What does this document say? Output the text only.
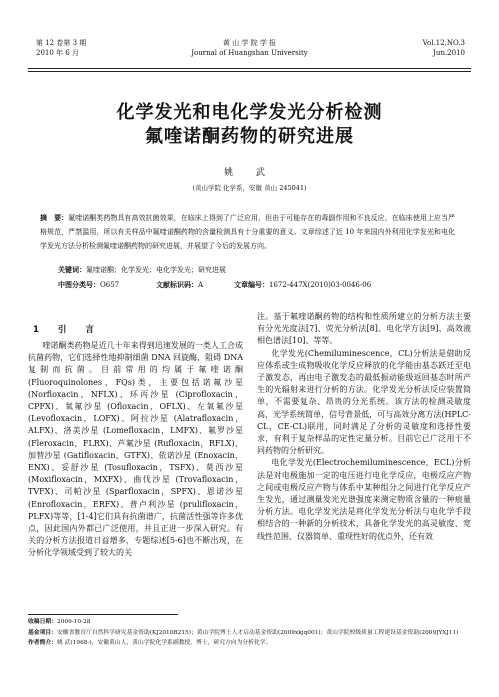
第 12 卷第 3 期
2010 年 6 月
黄 山 学 院 学 报
Journal of Huangshan University
Vol.12,NO.3
Jun.2010
化学发光和电化学发光分析检测
氟喹诺酮药物的研究进展
姚 武
(黄山学院 化学系，安徽 黄山 245041)
摘　要：氟喹诺酮类药物具有高效抗菌效果，在临床上得到了广泛应用，但由于可能存在的毒副作用和不良反应，在临床使用上应当严格规范，严禁滥用，所以有关样品中氟喹诺酮药物的含量检测具有十分重要的意义。文章综述了近 10 年来国内外利用化学发光和电化学发光方法分析检测氟喹诺酮药物的研究进展，并展望了今后的发展方向。
关键词：氟喹诺酮；化学发光；电化学发光；研究进展
中图分类号：O657	文献标识码：A	文章编号：1672-447X(2010)03-0046-06
1 引 言

喹诺酮类药物是近几十年来得到迅速发展的一类人工合成抗菌药物，它们选择性地抑制细菌 DNA 回旋酶，阻碍 DNA 复制而抗菌。目前常用的均属于氟喹诺酮(Fluoroquinolones，FQs)类，主要包括诺氟沙星 (Norfloxacin，NFLX)、环丙沙星 (Ciprofloxacin，CPFX)、氧氟沙星 (Ofloxacin，OFLX)、左氧氟沙星 (Levofloxacin，LOFX)、阿拉沙星 (Alatrafloxacin，ALFX)、洛美沙星 (Lomefloxacin，LMFX)、氟罗沙星 (Fleroxacin，FLRX)、芦氟沙星 (Rufloxacin，RFLX)、加替沙星 (Gatifloxacin，GTFX)、依诺沙星 (Enoxacin，ENX)、妥舒沙星 (Tosufloxacin，TSFX)、莫西沙星 (Moxifloxacin，MXFX)、曲伐沙星 (Trovafloxacin，TVFX)、司帕沙星 (Sparfloxacin，SPFX)、恩诺沙星 (Enrofloxacin，ERFX)、普卢利沙星 (prulifloxacin，PLFX)等等，[1-4]它们具有抗菌谱广，抗菌活性强等许多优点，因此国内外都已广泛使用，并且正进一步深入研究。有关的分析方法报道日益增多，专题综述[5-6]也不断出现，在分析化学领域受到了较大的关

注。基于氟喹诺酮药物的结构和性质所建立的分析方法主要有分光光度法[7]、荧光分析法[8]、电化学方法[9]、高效液相色谱法[10]、等等。

化学发光(Chemiluminescence，CL)分析法是借助反应体系或生成物吸收化学反应释放的化学能由基态跃迁至电子激发态，再由电子激发态的最低振动能级返回基态时所产生的光辐射来进行分析的方法。化学发光分析法反应装置简单，不需要复杂、昂贵的分光系统。该方法的检测灵敏度高，光学系统简单，信号背景低，可与高效分离方法(HPLC-CL，CE-CL)联用，同时满足了分析的灵敏度和选择性要求，有利于复杂样品的定性定量分析。目前它已广泛用于不同药物的分析研究。

电化学发光(Electrochemiluminescence，ECL)分析法是对电极施加一定的电压进行电化学反应，电极反应产物之间或电极反应产物与体系中某种组分之间进行化学反应产生发光，通过测量发光光谱强度来测定物质含量的一种痕量分析方法。电化学发光法是将化学发光分析法与电化学手段相结合的一种新的分析技术，具备化学发光的高灵敏度、宽线性范围、仪器简单、重现性好的优点外，还有效

收稿日期：2009-10-28
基金项目：安徽省教育厅自然科学研究基金资助(KJ2010B215)；黄山学院博士人才启动基金资助(2009xkjq001)；黄山学院校级质量工程建设基金资助(2009JYXJ11)
作者简介：姚 武(1968-)，安徽黄山人，黄山学院化学系副教授，博士，研究方向为分析化学。
